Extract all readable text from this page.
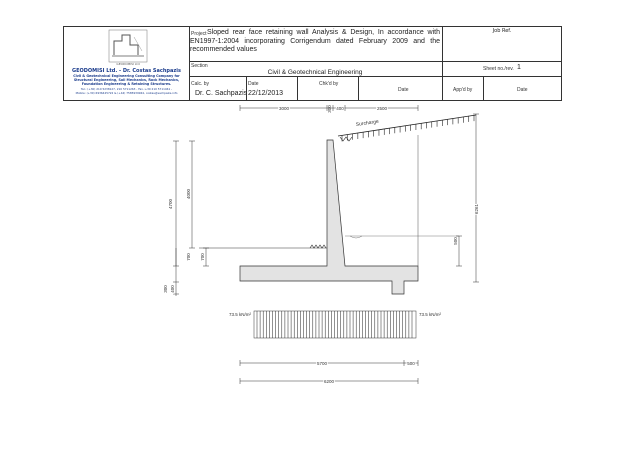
GEODOMISI Ltd
GEODOMISI Ltd. - Dr. Costas Sachpazis
Civil & Geotechnical Engineering Consulting Company for
Structural Engineering, Soil Mechanics, Rock Mechanics,
Foundation Engineering & Retaining Structures.
Tel.: (+30) 210 5238127, 210 5711263 - Fax.:+30 210 5711461 -
Mobile: (+30) 6936425722 & (+44) 7585939944, costas@sachpazis.info
Project Sloped rear face retaining wall Analysis & Design, In accordance with EN1997-1:2004 incorporating Corrigendum dated February 2009 and the recommended values
Job Ref.
Section
Civil & Geotechnical Engineering	Sheet no./rev. 1
Calc. by
Dr. C. Sachpazis
Date
22/12/2013
Chk'd by
Date	App'd by	Date
3000	300 400	2500
Surcharge
4700
4000
700 700
300 400
6261
500
73.5 kN/m²	73.5 kN/m²
5700	500
6200
